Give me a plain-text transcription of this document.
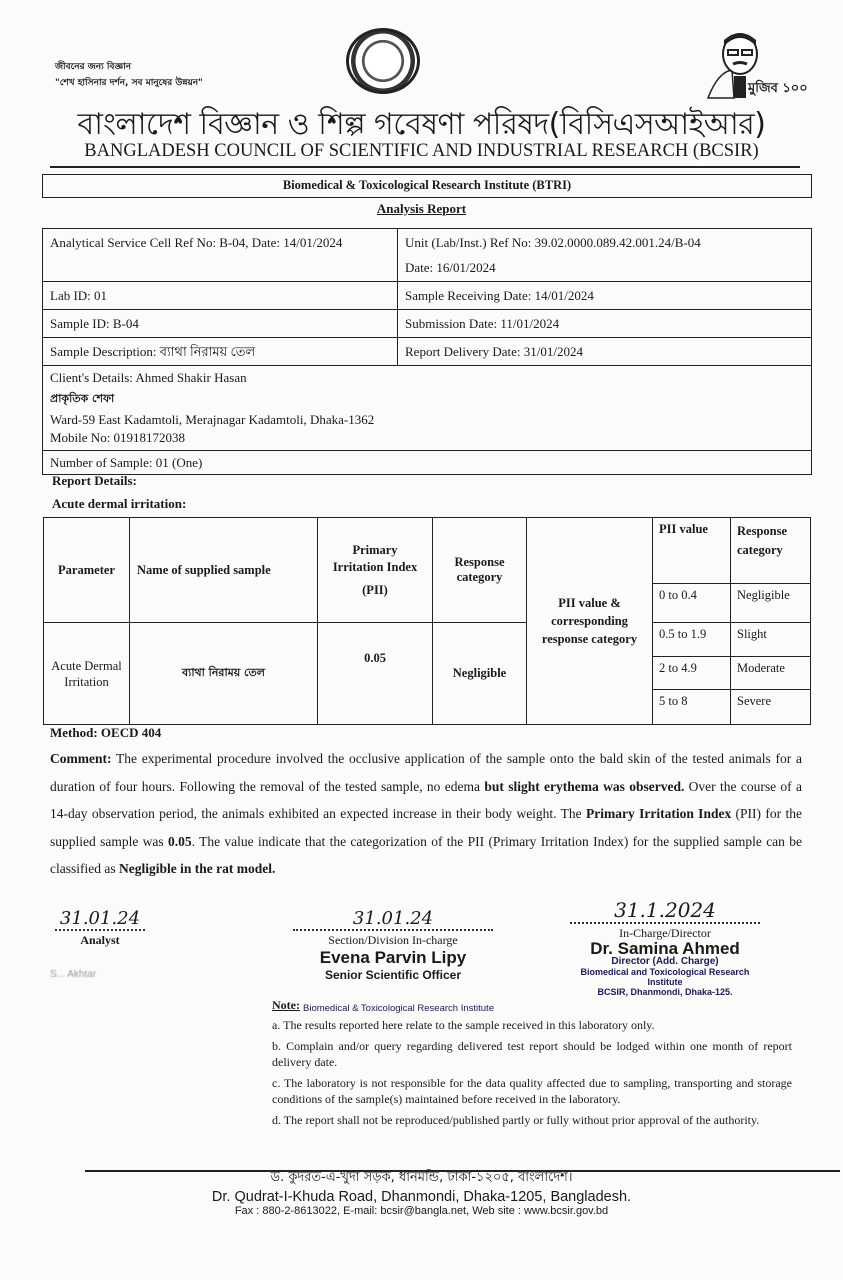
জীবনের জন্য বিজ্ঞান
"শেখ হাসিনার দর্শন, সব মানুষের উন্নয়ন"	মুজিব ১০০
বাংলাদেশ বিজ্ঞান ও শিল্প গবেষণা পরিষদ(বিসিএসআইআর)
BANGLADESH COUNCIL OF SCIENTIFIC AND INDUSTRIAL RESEARCH (BCSIR)
Biomedical & Toxicological Research Institute (BTRI)
Analysis Report
Analytical Service Cell Ref No: B-04, Date: 14/01/2024	Unit (Lab/Inst.) Ref No: 39.02.0000.089.42.001.24/B-04
Date: 16/01/2024

Lab ID: 01	Sample Receiving Date: 14/01/2024
Sample ID: B-04	Submission Date: 11/01/2024
Sample Description: ব্যাথা নিরাময় তেল	Report Delivery Date: 31/01/2024

Client's Details: Ahmed Shakir Hasan
প্রাকৃতিক শেফা
Ward-59 East Kadamtoli, Merajnagar Kadamtoli, Dhaka-1362
Mobile No: 01918172038	

Number of Sample: 01 (One)	
Report Details:
Acute dermal irritation:
Parameter	Name of supplied sample	Primary
Irritation Index
(PII)	Response category	PII value & corresponding response category	PII value	Response category
					0 to 0.4	Negligible
Acute Dermal Irritation	ব্যাথা নিরাময় তেল	0.05	Negligible		0.5 to 1.9	Slight
					2 to 4.9	Moderate
					5 to 8	Severe
Method: OECD 404
Comment: The experimental procedure involved the occlusive application of the sample onto the bald skin of the tested animals for a duration of four hours. Following the removal of the tested sample, no edema but slight erythema was observed. Over the course of a 14-day observation period, the animals exhibited an expected increase in their body weight. The Primary Irritation Index (PII) for the supplied sample was 0.05. The value indicate that the categorization of the PII (Primary Irritation Index) for the supplied sample can be classified as Negligible in the rat model.
31.01.24
Analyst
S... Akhtar
31.01.24
Section/Division In-charge
Evena Parvin Lipy
Senior Scientific Officer
31.1.2024
In-Charge/Director
Dr. Samina Ahmed
Director (Add. Charge)
Biomedical and Toxicological Research Institute
BCSIR, Dhanmondi, Dhaka-125.
Note: Biomedical & Toxicological Research Institute

a. The results reported here relate to the sample received in this laboratory only.

b. Complain and/or query regarding delivered test report should be lodged within one month of report delivery date.

c. The laboratory is not responsible for the data quality affected due to sampling, transporting and storage conditions of the sample(s) maintained before received in the laboratory.

d. The report shall not be reproduced/published partly or fully without prior approval of the authority.

ড. কুদরত-এ-খুদা সড়ক, ধানমন্ডি, ঢাকা-১২০৫, বাংলাদেশ।
Dr. Qudrat-I-Khuda Road, Dhanmondi, Dhaka-1205, Bangladesh.
Fax : 880-2-8613022, E-mail: bcsir@bangla.net, Web site : www.bcsir.gov.bd
